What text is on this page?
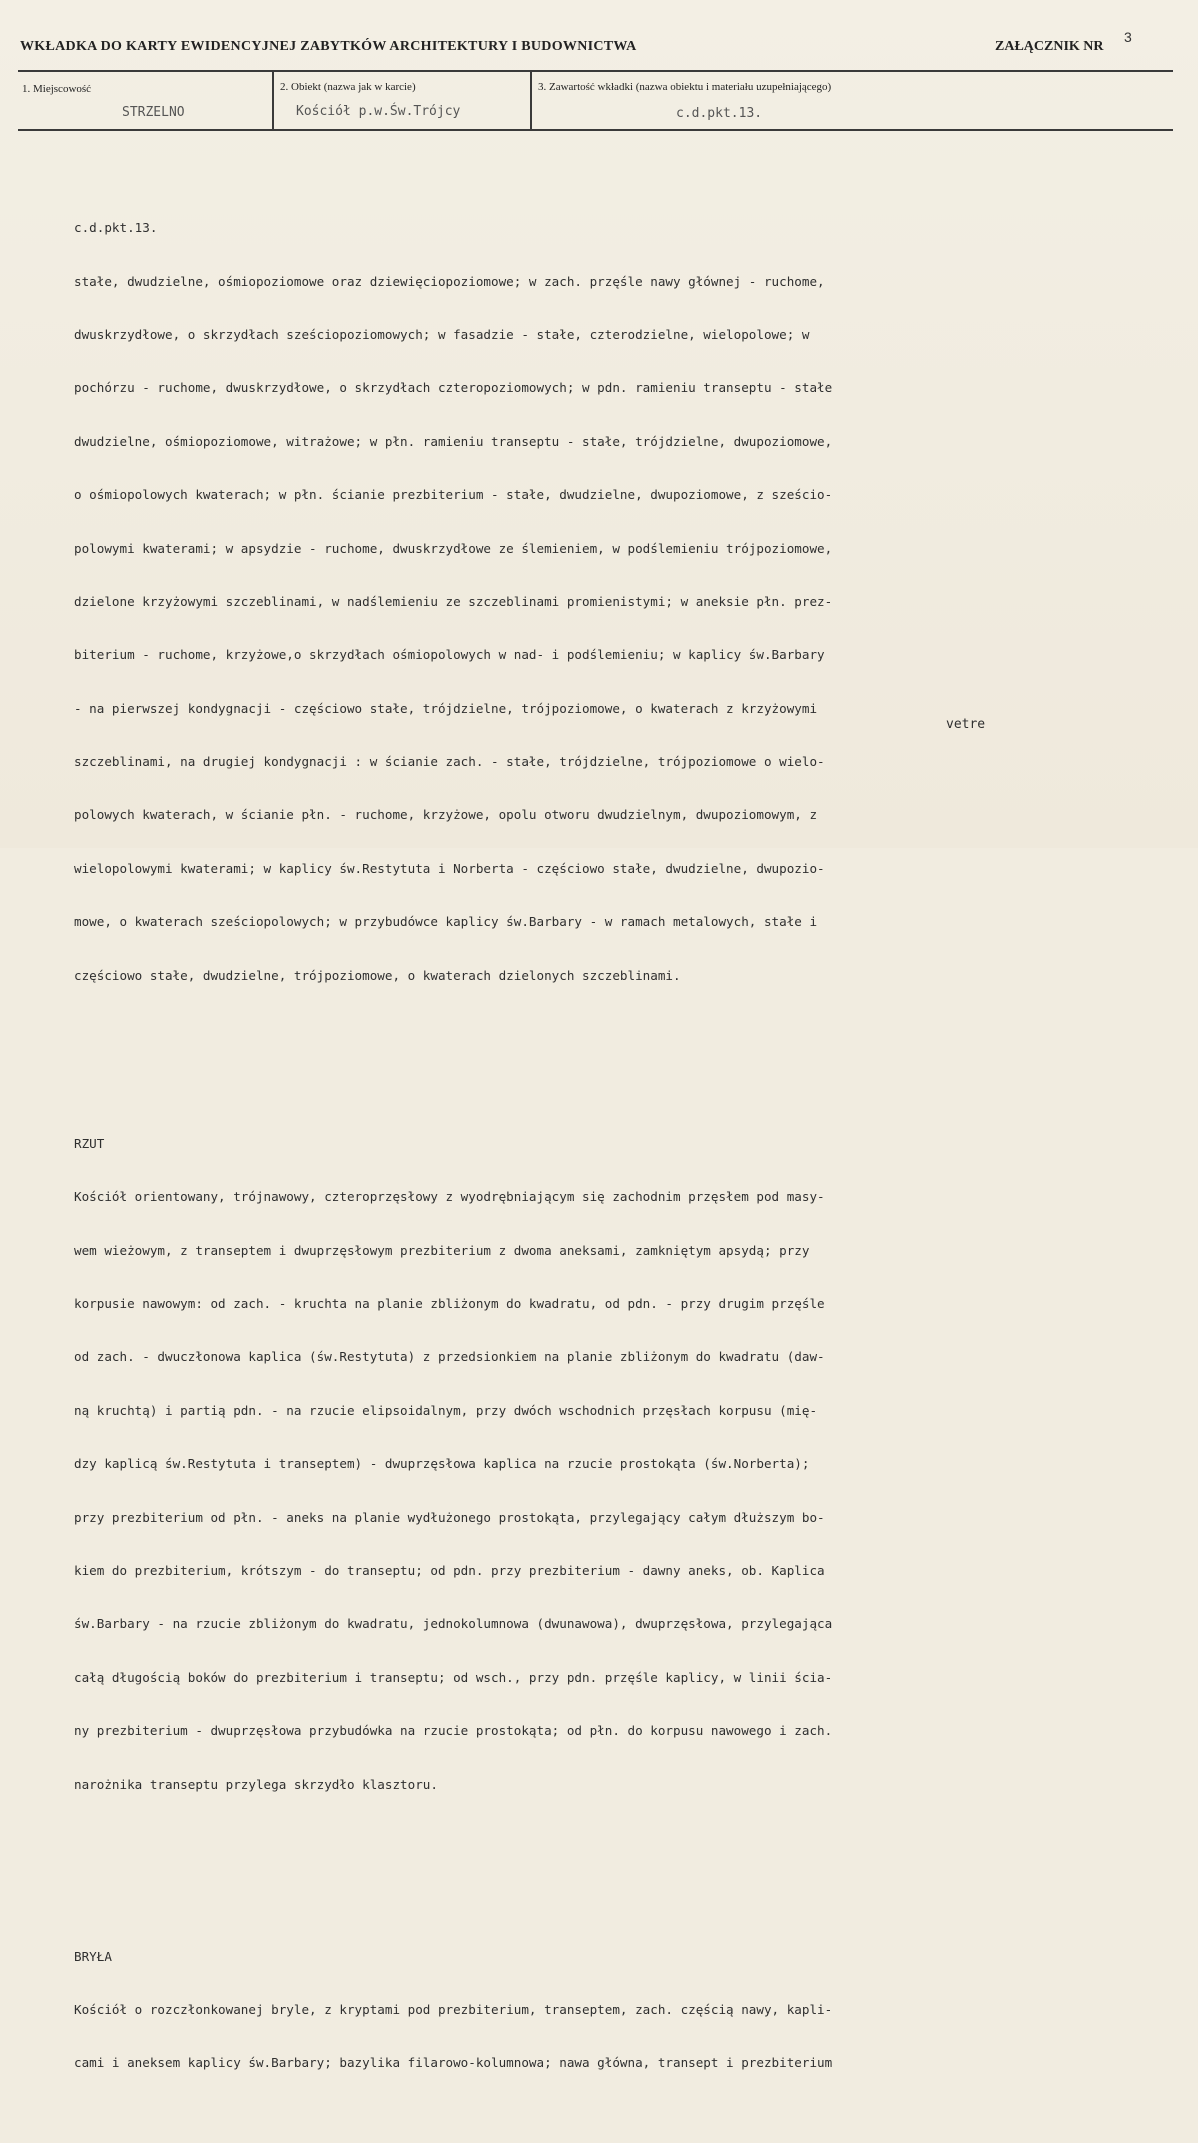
WKŁADKA DO KARTY EWIDENCYJNEJ ZABYTKÓW ARCHITEKTURY I BUDOWNICTWA	ZAŁĄCZNIK NR
3
1. Miejscowość
STRZELNO
2. Obiekt (nazwa jak w karcie)
Kościół p.w.Św.Trójcy
3. Zawartość wkładki (nazwa obiektu i materiału uzupełniającego)
c.d.pkt.13.

c.d.pkt.13.

stałe, dwudzielne, ośmiopoziomowe oraz dziewięciopoziomowe; w zach. przęśle nawy głównej - ruchome,

dwuskrzydłowe, o skrzydłach sześciopoziomowych; w fasadzie - stałe, czterodzielne, wielopolowe; w

pochórzu - ruchome, dwuskrzydłowe, o skrzydłach czteropoziomowych; w pdn. ramieniu transeptu - stałe

dwudzielne, ośmiopoziomowe, witrażowe; w płn. ramieniu transeptu - stałe, trójdzielne, dwupoziomowe,

o ośmiopolowych kwaterach; w płn. ścianie prezbiterium - stałe, dwudzielne, dwupoziomowe, z sześcio-

polowymi kwaterami; w apsydzie - ruchome, dwuskrzydłowe ze ślemieniem, w podślemieniu trójpoziomowe,

dzielone krzyżowymi szczeblinami, w nadślemieniu ze szczeblinami promienistymi; w aneksie płn. prez-

biterium - ruchome, krzyżowe,o skrzydłach ośmiopolowych w nad- i podślemieniu; w kaplicy św.Barbary

- na pierwszej kondygnacji - częściowo stałe, trójdzielne, trójpoziomowe, o kwaterach z krzyżowymi

szczeblinami, na drugiej kondygnacji : w ścianie zach. - stałe, trójdzielne, trójpoziomowe o wielo-

polowych kwaterach, w ścianie płn. - ruchome, krzyżowe, opolu otworu dwudzielnym, dwupoziomowym, z

wielopolowymi kwaterami; w kaplicy św.Restytuta i Norberta - częściowo stałe, dwudzielne, dwupozio-

mowe, o kwaterach sześciopolowych; w przybudówce kaplicy św.Barbary - w ramach metalowych, stałe i

częściowo stałe, dwudzielne, trójpoziomowe, o kwaterach dzielonych szczeblinami.

RZUT

Kościół orientowany, trójnawowy, czteroprzęsłowy z wyodrębniającym się zachodnim przęsłem pod masy-

wem wieżowym, z transeptem i dwuprzęsłowym prezbiterium z dwoma aneksami, zamkniętym apsydą; przy

korpusie nawowym: od zach. - kruchta na planie zbliżonym do kwadratu, od pdn. - przy drugim przęśle

od zach. - dwuczłonowa kaplica (św.Restytuta) z przedsionkiem na planie zbliżonym do kwadratu (daw-

ną kruchtą) i partią pdn. - na rzucie elipsoidalnym, przy dwóch wschodnich przęsłach korpusu (mię-

dzy kaplicą św.Restytuta i transeptem) - dwuprzęsłowa kaplica na rzucie prostokąta (św.Norberta);

przy prezbiterium od płn. - aneks na planie wydłużonego prostokąta, przylegający całym dłuższym bo-

kiem do prezbiterium, krótszym - do transeptu; od pdn. przy prezbiterium - dawny aneks, ob. Kaplica

św.Barbary - na rzucie zbliżonym do kwadratu, jednokolumnowa (dwunawowa), dwuprzęsłowa, przylegająca

całą długością boków do prezbiterium i transeptu; od wsch., przy pdn. przęśle kaplicy, w linii ścia-

ny prezbiterium - dwuprzęsłowa przybudówka na rzucie prostokąta; od płn. do korpusu nawowego i zach.

narożnika transeptu przylega skrzydło klasztoru.

BRYŁA

Kościół o rozczłonkowanej bryle, z kryptami pod prezbiterium, transeptem, zach. częścią nawy, kapli-

cami i aneksem kaplicy św.Barbary; bazylika filarowo-kolumnowa; nawa główna, transept i prezbiterium

vetre
